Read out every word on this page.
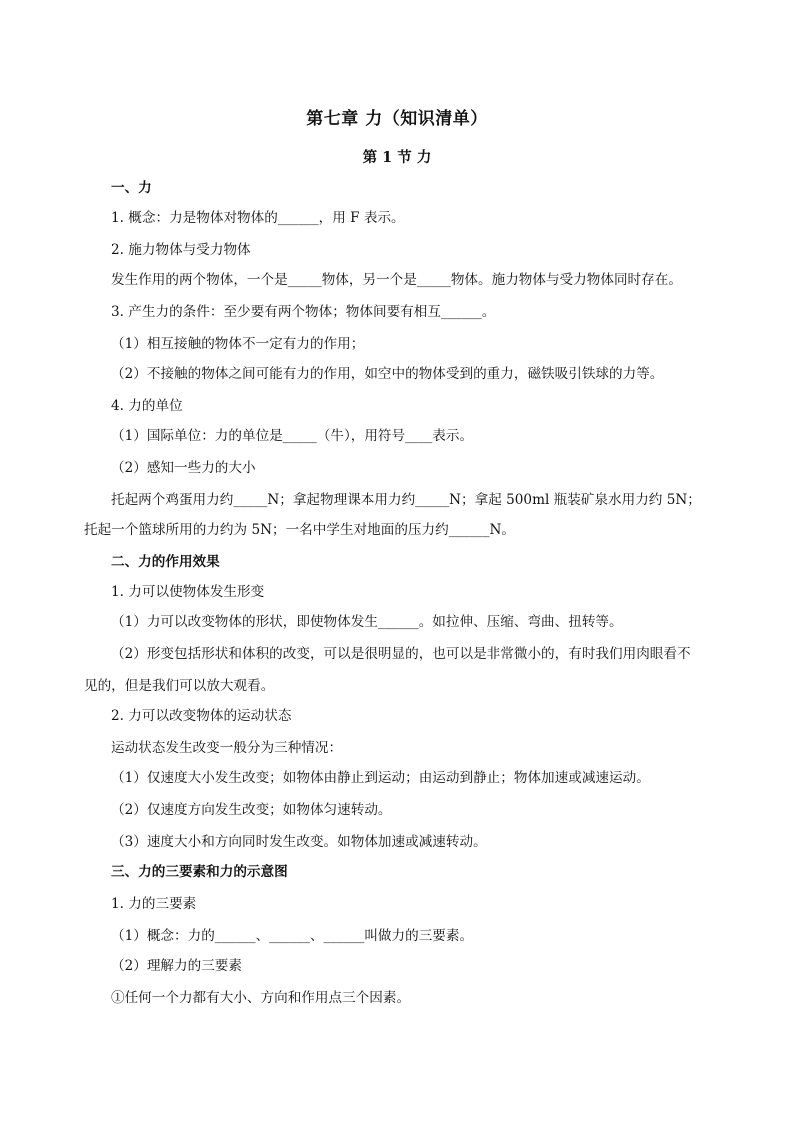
第七章 力（知识清单）
第 1 节 力
一、力
1. 概念：力是物体对物体的______，用 F 表示。
2. 施力物体与受力物体
发生作用的两个物体，一个是_____物体，另一个是_____物体。施力物体与受力物体同时存在。
3. 产生力的条件：至少要有两个物体；物体间要有相互______。
（1）相互接触的物体不一定有力的作用；
（2）不接触的物体之间可能有力的作用，如空中的物体受到的重力，磁铁吸引铁球的力等。
4. 力的单位
（1）国际单位：力的单位是_____（牛），用符号____表示。
（2）感知一些力的大小
托起两个鸡蛋用力约_____N；拿起物理课本用力约_____N；拿起 500ml 瓶装矿泉水用力约 5N；
托起一个篮球所用的力约为 5N；一名中学生对地面的压力约______N。
二、力的作用效果
1. 力可以使物体发生形变
（1）力可以改变物体的形状，即使物体发生______。如拉伸、压缩、弯曲、扭转等。
（2）形变包括形状和体积的改变，可以是很明显的，也可以是非常微小的，有时我们用肉眼看不
见的，但是我们可以放大观看。
2. 力可以改变物体的运动状态
运动状态发生改变一般分为三种情况：
（1）仅速度大小发生改变；如物体由静止到运动；由运动到静止；物体加速或减速运动。
（2）仅速度方向发生改变；如物体匀速转动。
（3）速度大小和方向同时发生改变。如物体加速或减速转动。
三、力的三要素和力的示意图
1. 力的三要素
（1）概念：力的______、______、______叫做力的三要素。
（2）理解力的三要素
①任何一个力都有大小、方向和作用点三个因素。
